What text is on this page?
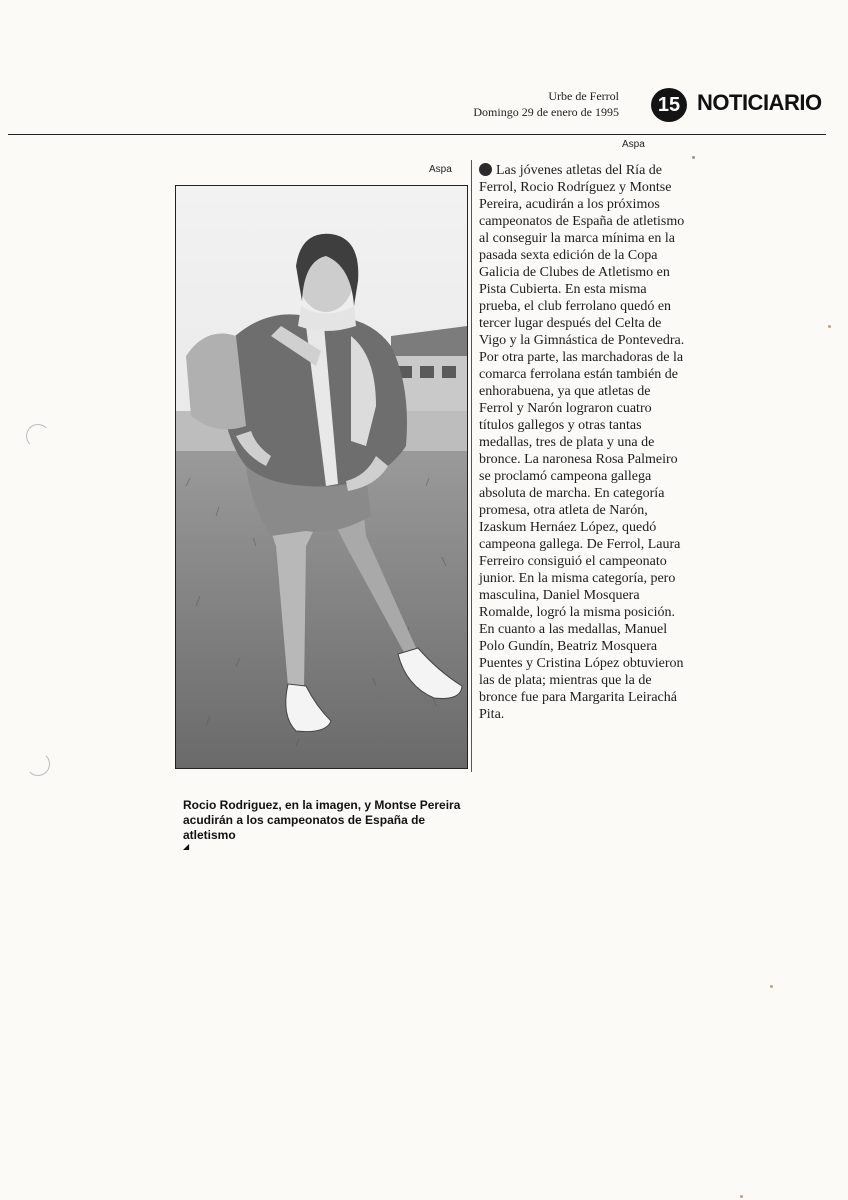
Urbe de Ferrol
Domingo 29 de enero de 1995	15 NOTICIARIO
Aspa
Aspa
Rocio Rodriguez, en la imagen, y Montse Pereira acudirán a los campeonatos de España de atletismo
◢
Las jóvenes atletas del Ría de Ferrol, Rocio Rodríguez y Montse Pereira, acudirán a los próximos campeonatos de España de atletismo al conseguir la marca mínima en la pasada sexta edición de la Copa Galicia de Clubes de Atletismo en Pista Cubierta. En esta misma prueba, el club ferrolano quedó en tercer lugar después del Celta de Vigo y la Gimnástica de Pontevedra. Por otra parte, las marchadoras de la comarca ferrolana están también de enhorabuena, ya que atletas de Ferrol y Narón lograron cuatro títulos gallegos y otras tantas medallas, tres de plata y una de bronce. La naronesa Rosa Palmeiro se proclamó campeona gallega absoluta de marcha. En categoría promesa, otra atleta de Narón, Izaskum Hernáez López, quedó campeona gallega. De Ferrol, Laura Ferreiro consiguió el campeonato junior. En la misma categoría, pero masculina, Daniel Mosquera Romalde, logró la misma posición. En cuanto a las medallas, Manuel Polo Gundín, Beatriz Mosquera Puentes y Cristina López obtuvieron las de plata; mientras que la de bronce fue para Margarita Leirachá Pita.
